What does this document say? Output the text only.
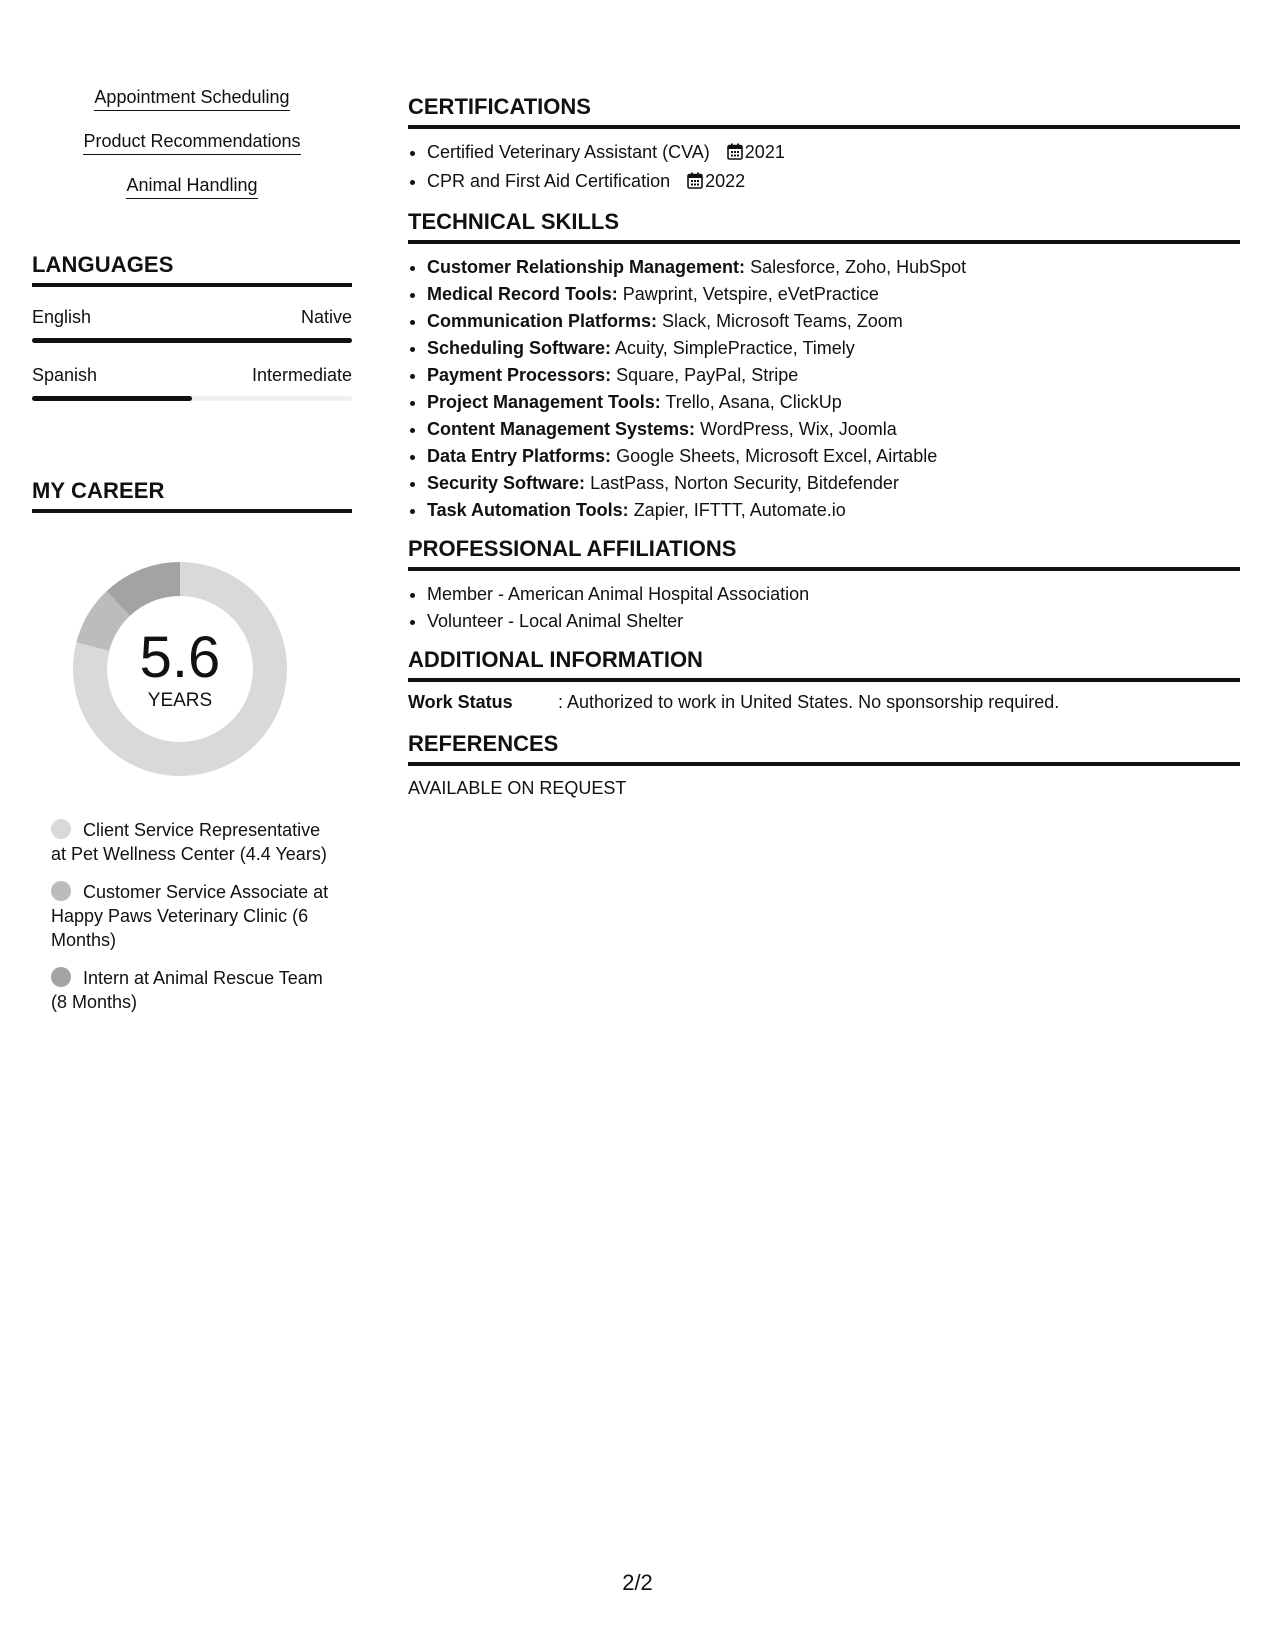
Appointment Scheduling
Product Recommendations
Animal Handling
LANGUAGES
English	Native
Spanish	Intermediate
MY CAREER
5.6
YEARS
Client Service Representative at Pet Wellness Center (4.4 Years)
Customer Service Associate at Happy Paws Veterinary Clinic (6 Months)
Intern at Animal Rescue Team (8 Months)
CERTIFICATIONS
• Certified Veterinary Assistant (CVA) 2021
• CPR and First Aid Certification 2022
TECHNICAL SKILLS
• Customer Relationship Management: Salesforce, Zoho, HubSpot
• Medical Record Tools: Pawprint, Vetspire, eVetPractice
• Communication Platforms: Slack, Microsoft Teams, Zoom
• Scheduling Software: Acuity, SimplePractice, Timely
• Payment Processors: Square, PayPal, Stripe
• Project Management Tools: Trello, Asana, ClickUp
• Content Management Systems: WordPress, Wix, Joomla
• Data Entry Platforms: Google Sheets, Microsoft Excel, Airtable
• Security Software: LastPass, Norton Security, Bitdefender
• Task Automation Tools: Zapier, IFTTT, Automate.io
PROFESSIONAL AFFILIATIONS
• Member - American Animal Hospital Association
• Volunteer - Local Animal Shelter
ADDITIONAL INFORMATION
Work Status	: Authorized to work in United States. No sponsorship required.
REFERENCES
AVAILABLE ON REQUEST
2/2
